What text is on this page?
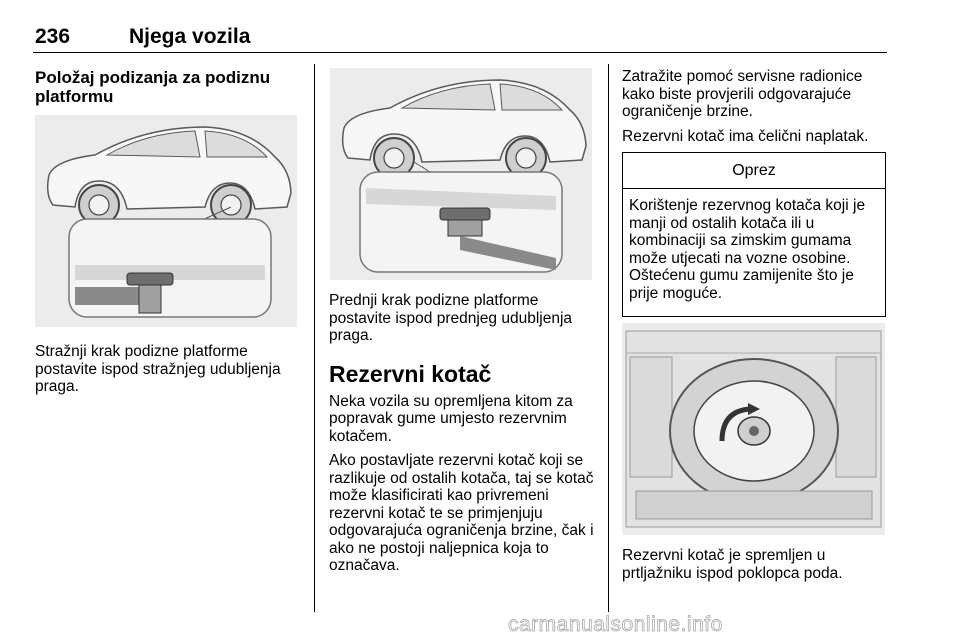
236	Njega vozila
Položaj podizanja za podiznu platformu

Stražnji krak podizne platforme postavite ispod stražnjeg udubljenja praga.

Prednji krak podizne platforme postavite ispod prednjeg udubljenja praga.

Rezervni kotač

Neka vozila su opremljena kitom za popravak gume umjesto rezervnim kotačem.

Ako postavljate rezervni kotač koji se razlikuje od ostalih kotača, taj se kotač može klasificirati kao privremeni rezervni kotač te se primjenjuju odgovarajuća ograničenja brzine, čak i ako ne postoji naljepnica koja to označava.

Zatražite pomoć servisne radionice kako biste provjerili odgovarajuće ograničenje brzine.

Rezervni kotač ima čelični naplatak.

Oprez
Korištenje rezervnog kotača koji je manji od ostalih kotača ili u kombinaciji sa zimskim gumama može utjecati na vozne osobine. Oštećenu gumu zamijenite što je prije moguće.

Rezervni kotač je spremljen u prtljažniku ispod poklopca poda.

carmanualsonline.info
